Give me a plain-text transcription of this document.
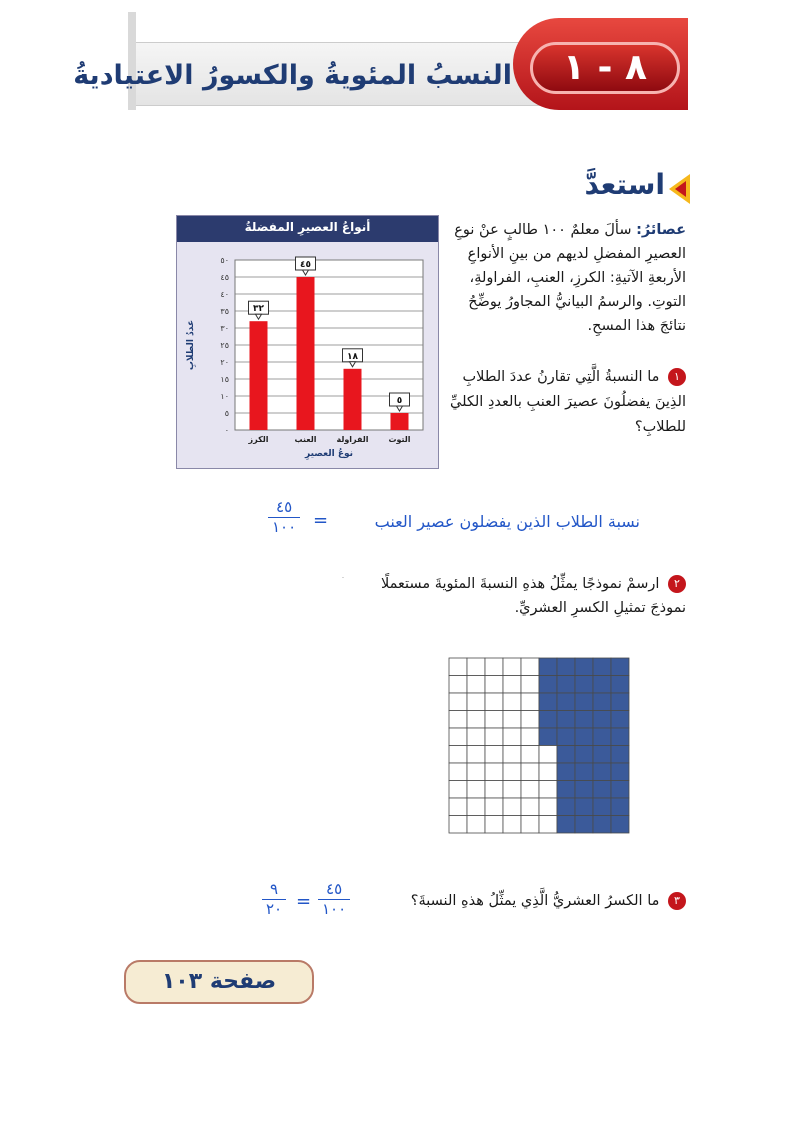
النسبُ المئويةُ والكسورُ الاعتياديةُ	٨ - ١
استعدَّ
أنواعُ العصيرِ المفضلةُ
٠
٥
١٠
١٥
٢٠
٢٥
٣٠
٣٥
٤٠
٤٥
٥٠
٣٢
الكرز
٤٥
العنب
١٨
الفراولة
٥
التوت
نوعُ العصيرِ
عددُ الطلابِ
عصائرُ: سألَ معلمٌ ١٠٠ طالبٍ عنْ نوعِ العصيرِ المفضلِ لديهم من بينِ الأنواعِ الأربعةِ الآتيةِ: الكرزِ، العنبِ، الفراولةِ، التوتِ. والرسمُ البيانيُّ المجاورُ يوضِّحُ نتائجَ هذا المسحِ.
١ ما النسبةُ الَّتِي تقارنُ عددَ الطلابِ الذِينَ يفضلُونَ عصيرَ العنبِ بالعددِ الكليِّ للطلابِ؟
نسبة الطلاب الذين يفضلون عصير العنب
=
٤٥
١٠٠
٢ ارسمْ نموذجًا يمثِّلُ هذهِ النسبةَ المئويةَ مستعملًا نموذجَ تمثيلِ الكسرِ العشريِّ.
٣ ما الكسرُ العشريُّ الَّذِي يمثِّلُ هذهِ النسبةَ؟
٤٥
١٠٠
=
٩
٢٠
صفحة ١٠٣
